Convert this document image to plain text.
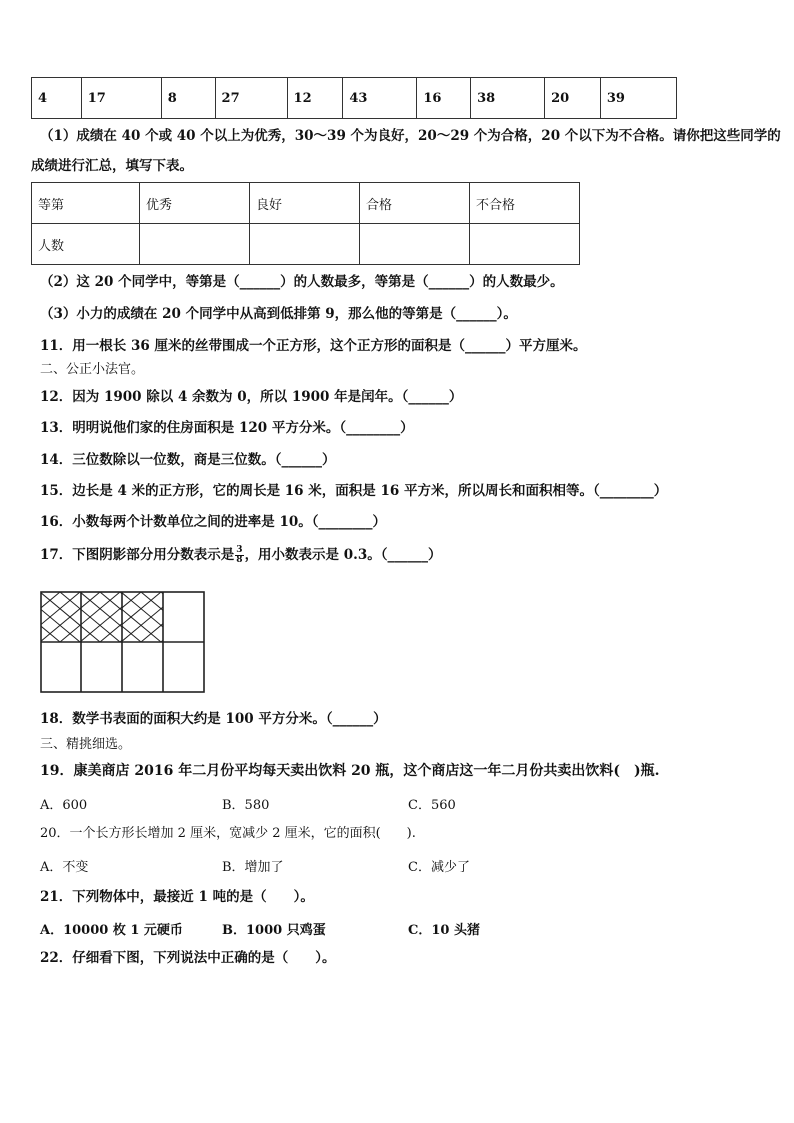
4	17	8	27	12	43	16	38	20	39
（1）成绩在 40 个或 40 个以上为优秀，30～39 个为良好，20～29 个为合格，20 个以下为不合格。请你把这些同学的
成绩进行汇总，填写下表。
等第	优秀	良好	合格	不合格
人数				
（2）这 20 个同学中，等第是（______）的人数最多，等第是（______）的人数最少。
（3）小力的成绩在 20 个同学中从高到低排第 9，那么他的等第是（______）。
11．用一根长 36 厘米的丝带围成一个正方形，这个正方形的面积是（______）平方厘米。
二、公正小法官。
12．因为 1900 除以 4 余数为 0，所以 1900 年是闰年。（______）
13．明明说他们家的住房面积是 120 平方分米。（________）
14．三位数除以一位数，商是三位数。（______）
15．边长是 4 米的正方形，它的周长是 16 米，面积是 16 平方米，所以周长和面积相等。（________）
16．小数每两个计数单位之间的进率是 10。（________）
17．下图阴影部分用分数表示是 $\frac{3}{8}$ ，用小数表示是 0.3。（______）
18．数学书表面的面积大约是 100 平方分米。（______）
三、精挑细选。
19．康美商店 2016 年二月份平均每天卖出饮料 20 瓶，这个商店这一年二月份共卖出饮料(　)瓶.
A．600	B．580	C．560
20．一个长方形长增加 2 厘米，宽减少 2 厘米，它的面积(　　).
A．不变	B．增加了	C．减少了
21．下列物体中，最接近 1 吨的是（　　）。
A．10000 枚 1 元硬币	B．1000 只鸡蛋	C．10 头猪
22．仔细看下图，下列说法中正确的是（　　）。
